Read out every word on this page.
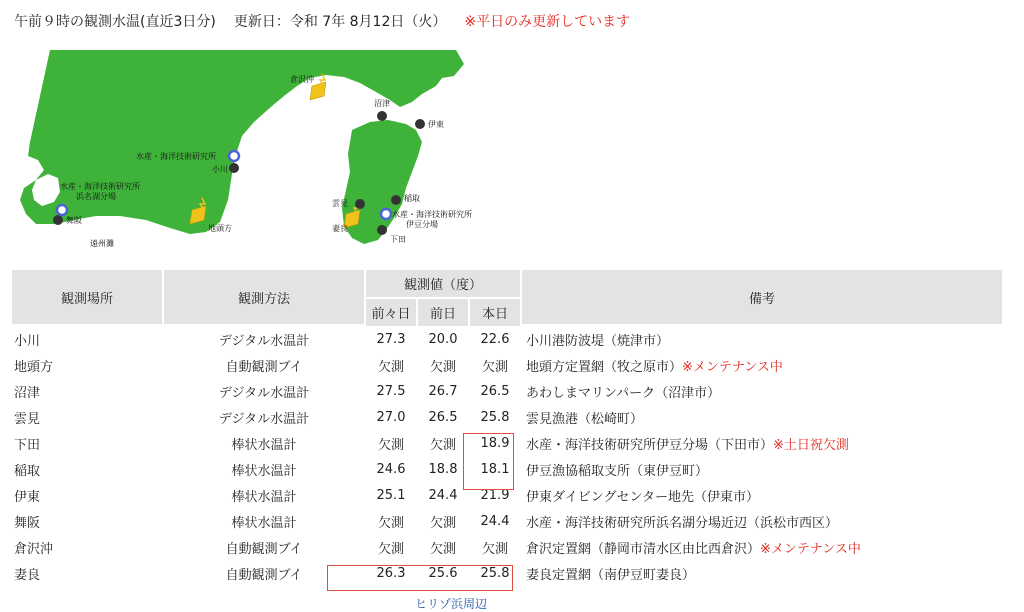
午前９時の観測水温(直近3日分) 更新日：令和 7年 8月12日（火） ※平日のみ更新しています
倉沢沖
沼津
伊東
水産・海洋技術研究所
小川
水産・海洋技術研究所
浜名湖分場
舞阪
遠州灘
地頭方
雲見
稲取
妻良
水産・海洋技術研究所
伊豆分場
下田
観測場所	観測方法	観測値（度）			備考
		前々日	前日	本日	
小川	デジタル水温計	27.3	20.0	22.6	小川港防波堤（焼津市）
地頭方	自動観測ブイ	欠測	欠測	欠測	地頭方定置網（牧之原市）※メンテナンス中
沼津	デジタル水温計	27.5	26.7	26.5	あわしまマリンパーク（沼津市）
雲見	デジタル水温計	27.0	26.5	25.8	雲見漁港（松崎町）
下田	棒状水温計	欠測	欠測	18.9	水産・海洋技術研究所伊豆分場（下田市）※土日祝欠測
稲取	棒状水温計	24.6	18.8	18.1	伊豆漁協稲取支所（東伊豆町）
伊東	棒状水温計	25.1	24.4	21.9	伊東ダイビングセンター地先（伊東市）
舞阪	棒状水温計	欠測	欠測	24.4	水産・海洋技術研究所浜名湖分場近辺（浜松市西区）
倉沢沖	自動観測ブイ	欠測	欠測	欠測	倉沢定置網（静岡市清水区由比西倉沢）※メンテナンス中
妻良	自動観測ブイ	26.3	25.6	25.8	妻良定置網（南伊豆町妻良）
ヒリゾ浜周辺
